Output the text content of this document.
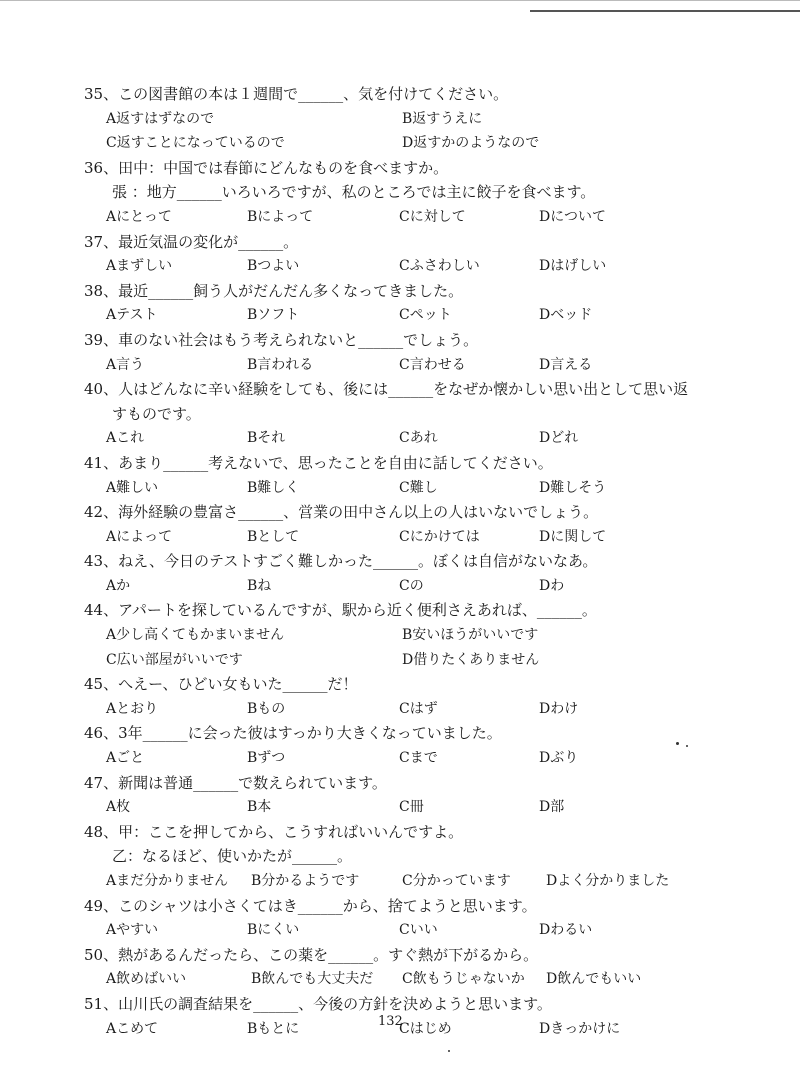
35、この図書館の本は１週間で______、気を付けてください。
A返すはずなので	B返すうえに
C返すことになっているので	D返すかのようなので
36、田中：中国では春節にどんなものを食べますか。
張 ：地方______いろいろですが、私のところでは主に餃子を食べます。
Aにとって	Bによって	Cに対して	Dについて
37、最近気温の変化が______。
Aまずしい	Bつよい	Cふさわしい	Dはげしい
38、最近______飼う人がだんだん多くなってきました。
Aテスト	Bソフト	Cペット	Dベッド
39、車のない社会はもう考えられないと______でしょう。
A言う	B言われる	C言わせる	D言える
40、人はどんなに辛い経験をしても、後には______をなぜか懐かしい思い出として思い返
すものです。
Aこれ	Bそれ	Cあれ	Dどれ
41、あまり______考えないで、思ったことを自由に話してください。
A難しい	B難しく	C難し	D難しそう
42、海外経験の豊富さ______、営業の田中さん以上の人はいないでしょう。
Aによって	Bとして	Cにかけては	Dに関して
43、ねえ、今日のテストすごく難しかった______。ぼくは自信がないなあ。
Aか	Bね	Cの	Dわ
44、アパートを探しているんですが、駅から近く便利さえあれば、______。
A少し高くてもかまいません	B安いほうがいいです
C広い部屋がいいです	D借りたくありません
45、へえー、ひどい女もいた______だ！
Aとおり	Bもの	Cはず	Dわけ
46、3年______に会った彼はすっかり大きくなっていました。
Aごと	Bずつ	Cまで	Dぶり
47、新聞は普通______で数えられています。
A枚	B本	C冊	D部
48、甲：ここを押してから、こうすればいいんですよ。
乙：なるほど、使いかたが______。
Aまだ分かりません B分かるようです	C分かっています	Dよく分かりました
49、このシャツは小さくてはき______から、捨てようと思います。
Aやすい	Bにくい	Cいい	Dわるい
50、熱があるんだったら、この薬を______。すぐ熱が下がるから。
A飲めばいい	B飲んでも大丈夫だ C飲もうじゃないか D飲んでもいい
51、山川氏の調査結果を______、今後の方針を決めようと思います。
Aこめて	Bもとに	Cはじめ	Dきっかけに
132
